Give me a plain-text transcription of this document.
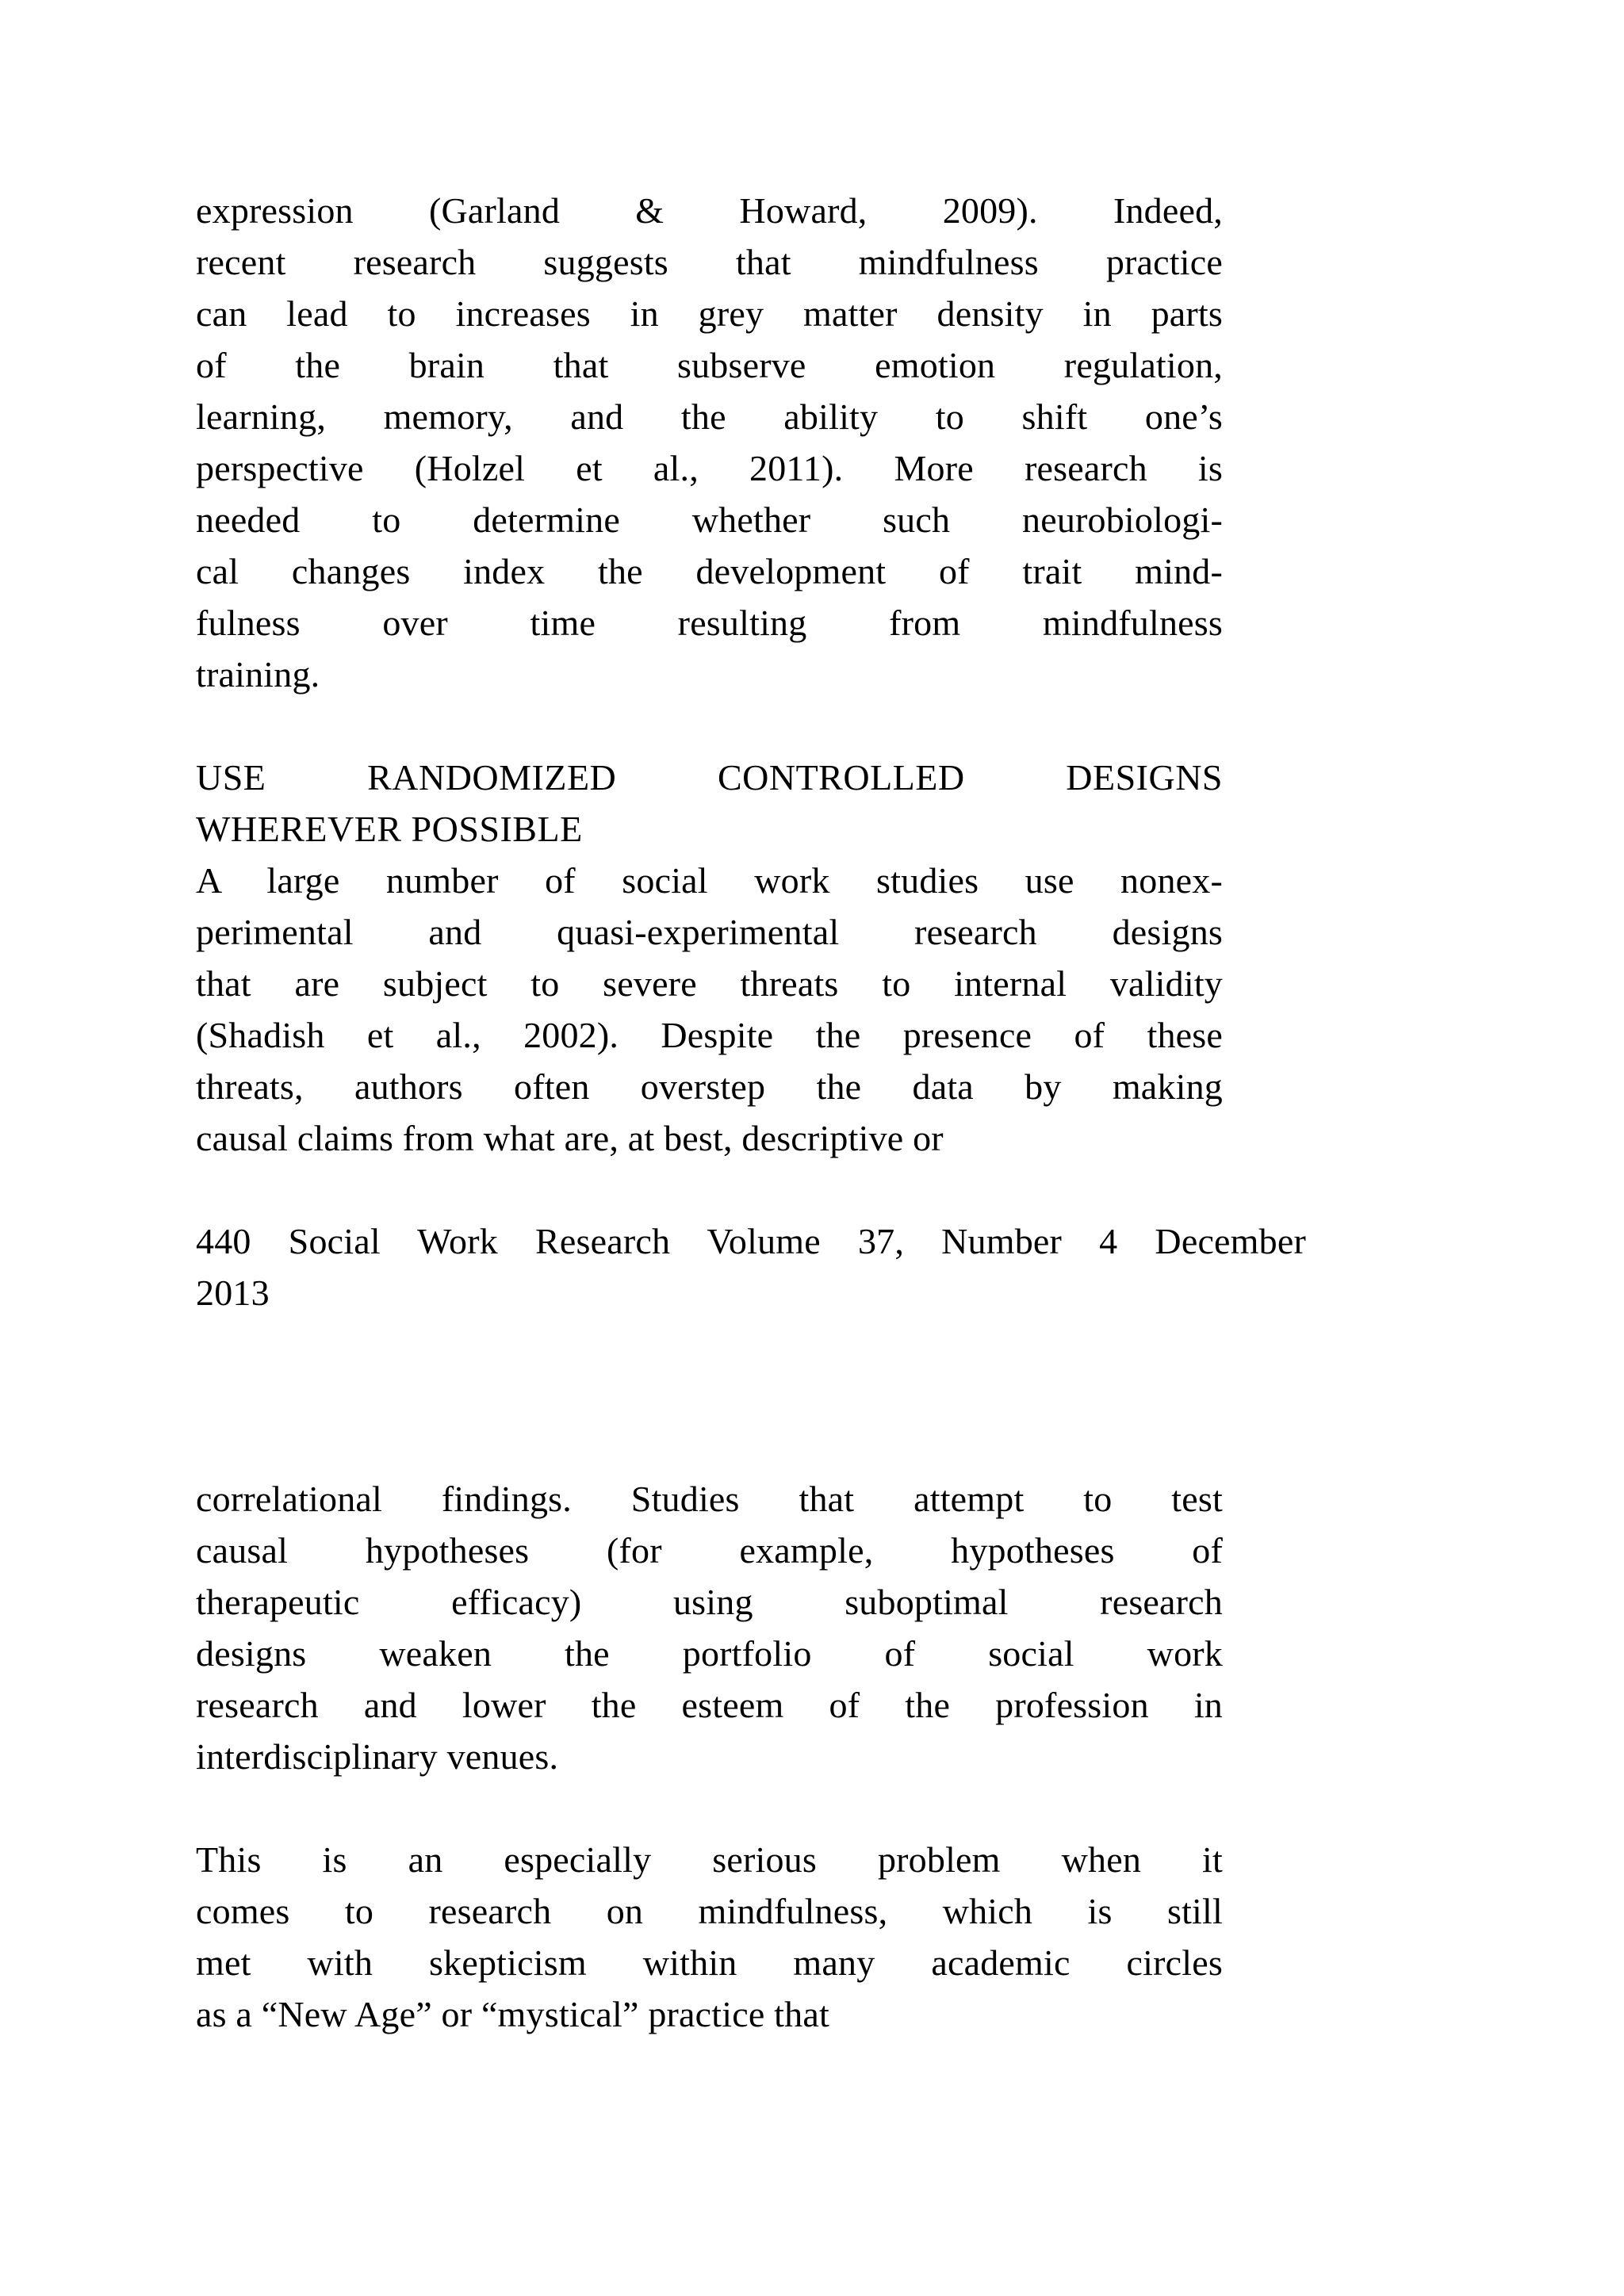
expression (Garland & Howard, 2009). Indeed,
recent research suggests that mindfulness practice
can lead to increases in grey matter density in parts
of the brain that subserve emotion regulation,
learning, memory, and the ability to shift one’s
perspective (Holzel et al., 2011). More research is
needed to determine whether such neurobiologi-
cal changes index the development of trait mind-
fulness over time resulting from mindfulness
training.
USE RANDOMIZED CONTROLLED DESIGNS
WHEREVER POSSIBLE
A large number of social work studies use nonex-
perimental and quasi-experimental research designs
that are subject to severe threats to internal validity
(Shadish et al., 2002). Despite the presence of these
threats, authors often overstep the data by making
causal claims from what are, at best, descriptive or
440 Social Work Research Volume 37, Number 4 December
2013
correlational findings. Studies that attempt to test
causal hypotheses (for example, hypotheses of
therapeutic efficacy) using suboptimal research
designs weaken the portfolio of social work
research and lower the esteem of the profession in
interdisciplinary venues.
This is an especially serious problem when it
comes to research on mindfulness, which is still
met with skepticism within many academic circles
as a “New Age” or “mystical” practice that
